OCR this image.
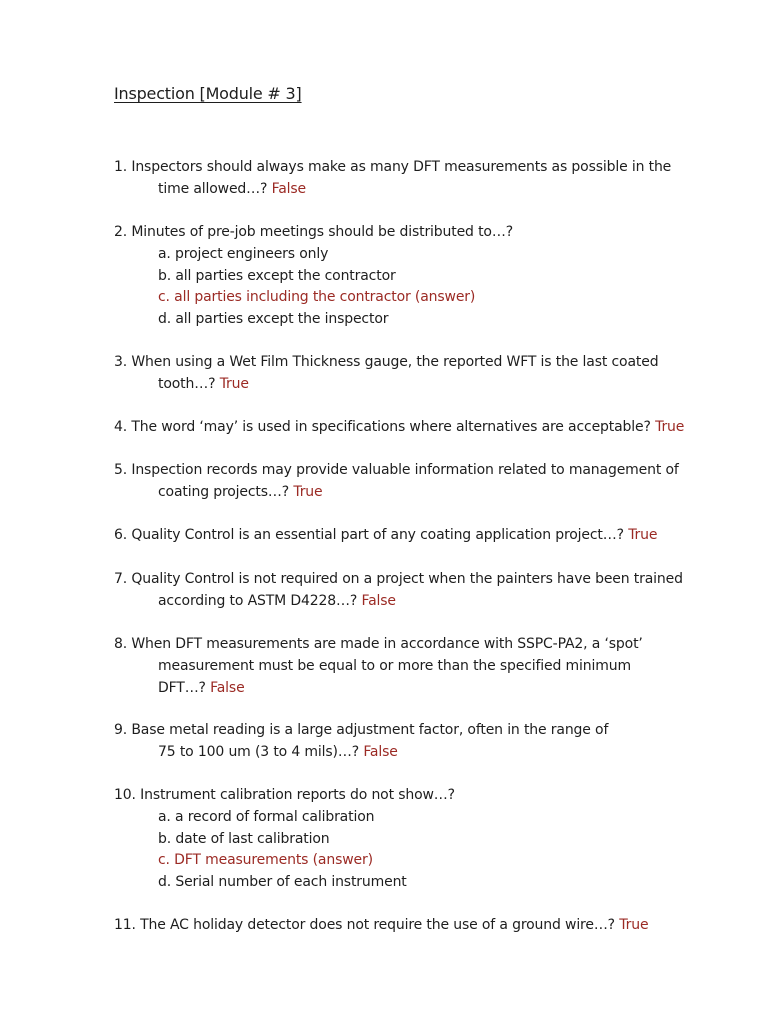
Inspection [Module # 3]
1. Inspectors should always make as many DFT measurements as possible in the
time allowed…? False
2. Minutes of pre-job meetings should be distributed to…?
a. project engineers only
b. all parties except the contractor
c. all parties including the contractor (answer)
d. all parties except the inspector
3. When using a Wet Film Thickness gauge, the reported WFT is the last coated
tooth…? True
4. The word ‘may’ is used in specifications where alternatives are acceptable? True
5. Inspection records may provide valuable information related to management of
coating projects…? True
6. Quality Control is an essential part of any coating application project…? True
7. Quality Control is not required on a project when the painters have been trained
according to ASTM D4228…? False
8. When DFT measurements are made in accordance with SSPC-PA2, a ‘spot’
measurement must be equal to or more than the specified minimum
DFT…? False
9. Base metal reading is a large adjustment factor, often in the range of
75 to 100 um (3 to 4 mils)…? False
10. Instrument calibration reports do not show…?
a. a record of formal calibration
b. date of last calibration
c. DFT measurements (answer)
d. Serial number of each instrument
11. The AC holiday detector does not require the use of a ground wire…? True
